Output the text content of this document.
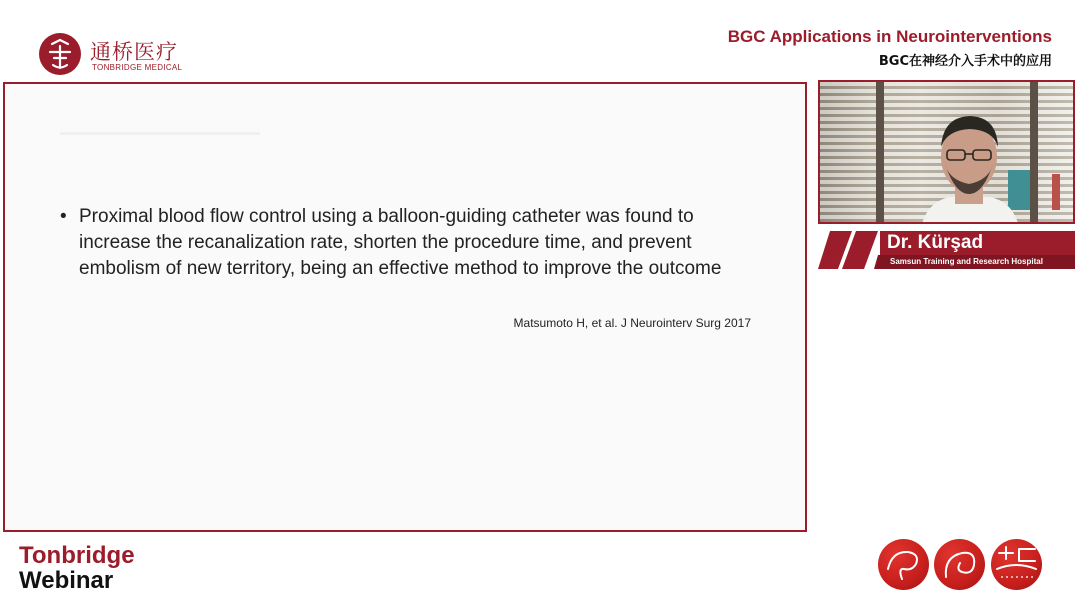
通桥医疗
TONBRIDGE MEDICAL
BGC Applications in Neurointerventions
BGC在神经介入手术中的应用
• Proximal blood flow control using a balloon-guiding catheter was found to increase the recanalization rate, shorten the procedure time, and prevent embolism of new territory, being an effective method to improve the outcome
Matsumoto H, et al. J Neurointerv Surg 2017
Dr. Kürşad
Samsun Training and Research Hospital
Tonbridge
Webinar
